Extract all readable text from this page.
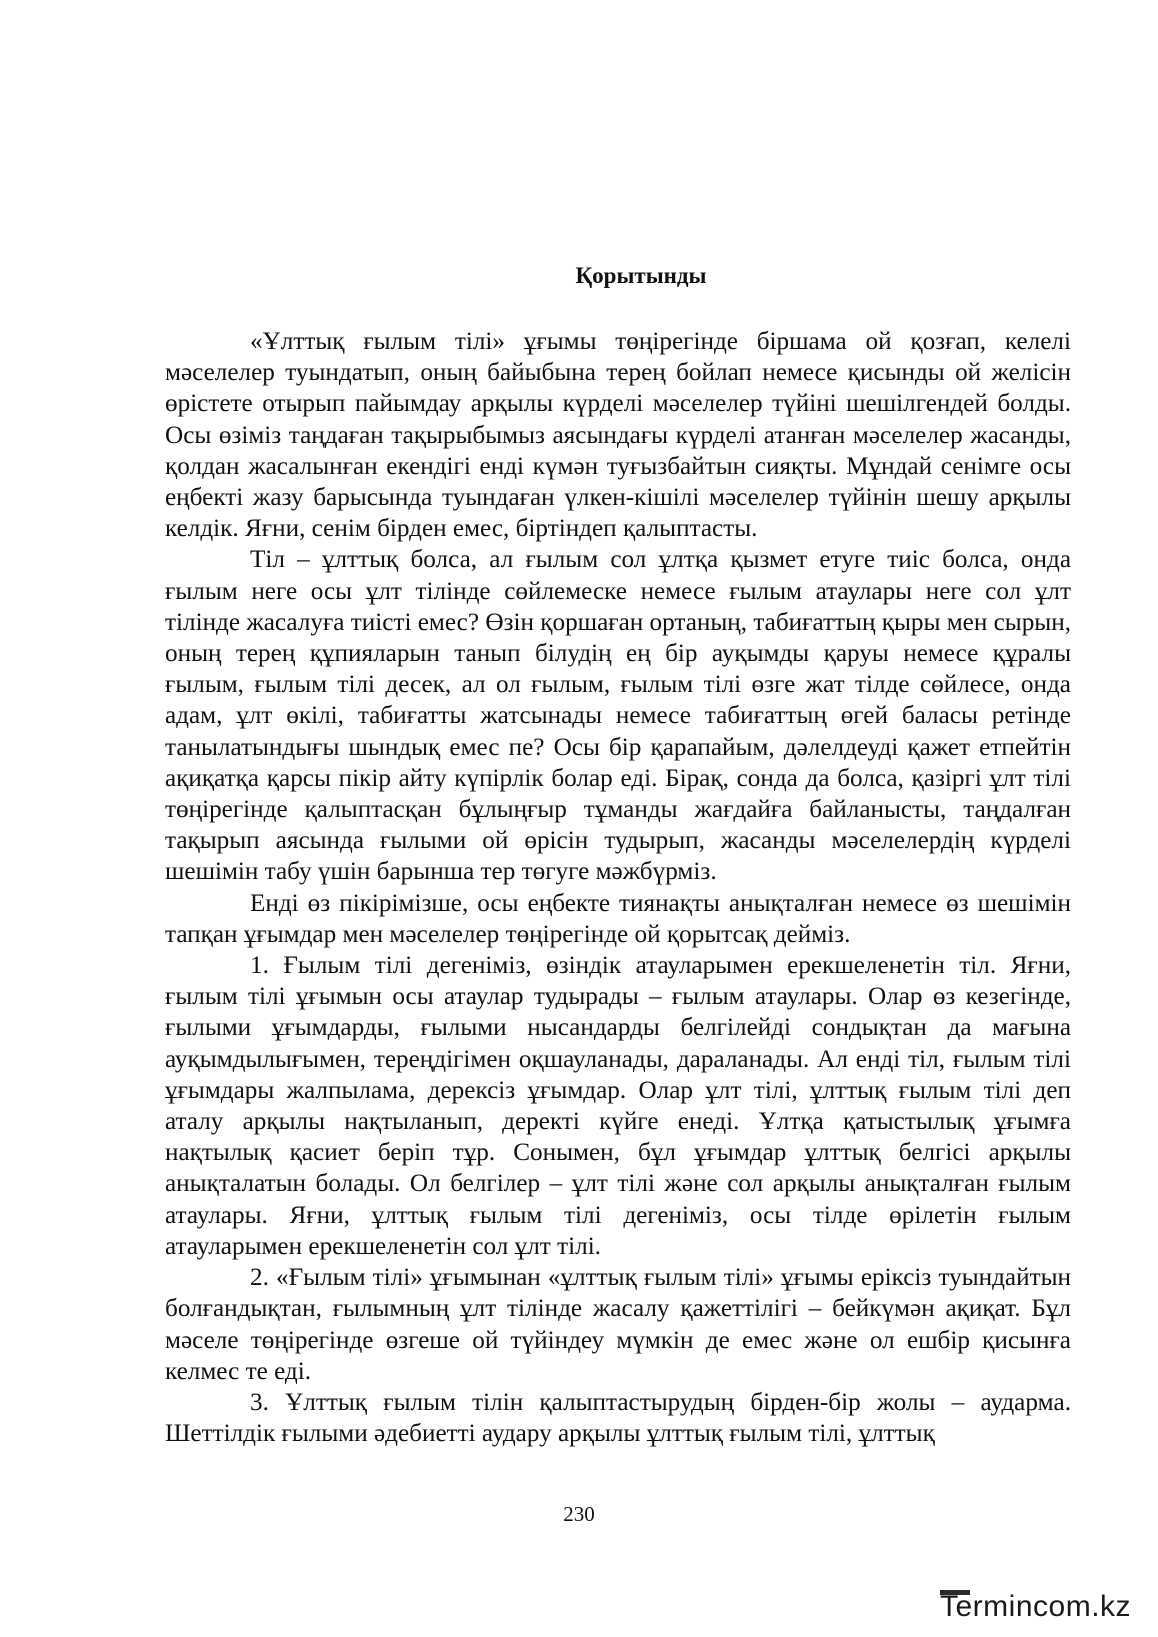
Қорытынды

«Ұлттық ғылым тілі» ұғымы төңірегінде біршама ой қозғап, келелі мәселелер туындатып, оның байыбына терең бойлап немесе қисынды ой желісін өрістете отырып пайымдау арқылы күрделі мәселелер түйіні шешілгендей болды. Осы өзіміз таңдаған тақырыбымыз аясындағы күрделі атанған мәселелер жасанды, қолдан жасалынған екендігі енді күмән туғызбайтын сияқты. Мұндай сенімге осы еңбекті жазу барысында туындаған үлкен-кішілі мәселелер түйінін шешу арқылы келдік. Яғни, сенім бірден емес, біртіндеп қалыптасты.

Тіл – ұлттық болса, ал ғылым сол ұлтқа қызмет етуге тиіс болса, онда ғылым неге осы ұлт тілінде сөйлемеске немесе ғылым атаулары неге сол ұлт тілінде жасалуға тиісті емес? Өзін қоршаған ортаның, табиғаттың қыры мен сырын, оның терең құпияларын танып білудің ең бір ауқымды қаруы немесе құралы ғылым, ғылым тілі десек, ал ол ғылым, ғылым тілі өзге жат тілде сөйлесе, онда адам, ұлт өкілі, табиғатты жатсынады немесе табиғаттың өгей баласы ретінде танылатындығы шындық емес пе? Осы бір қарапайым, дәлелдеуді қажет етпейтін ақиқатқа қарсы пікір айту күпірлік болар еді. Бірақ, сонда да болса, қазіргі ұлт тілі төңірегінде қалыптасқан бұлыңғыр тұманды жағдайға байланысты, таңдалған тақырып аясында ғылыми ой өрісін тудырып, жасанды мәселелердің күрделі шешімін табу үшін барынша тер төгуге мәжбүрміз.

Енді өз пікірімізше, осы еңбекте тиянақты анықталған немесе өз шешімін тапқан ұғымдар мен мәселелер төңірегінде ой қорытсақ дейміз.

1. Ғылым тілі дегеніміз, өзіндік атауларымен ерекшеленетін тіл. Яғни, ғылым тілі ұғымын осы атаулар тудырады – ғылым атаулары. Олар өз кезегінде, ғылыми ұғымдарды, ғылыми нысандарды белгілейді сондықтан да мағына ауқымдылығымен, тереңдігімен оқшауланады, дараланады. Ал енді тіл, ғылым тілі ұғымдары жалпылама, дерексіз ұғымдар. Олар ұлт тілі, ұлттық ғылым тілі деп аталу арқылы нақтыланып, деректі күйге енеді. Ұлтқа қатыстылық ұғымға нақтылық қасиет беріп тұр. Сонымен, бұл ұғымдар ұлттық белгісі арқылы анықталатын болады. Ол белгілер – ұлт тілі және сол арқылы анықталған ғылым атаулары. Яғни, ұлттық ғылым тілі дегеніміз, осы тілде өрілетін ғылым атауларымен ерекшеленетін сол ұлт тілі.

2. «Ғылым тілі» ұғымынан «ұлттық ғылым тілі» ұғымы еріксіз туындайтын болғандықтан, ғылымның ұлт тілінде жасалу қажеттілігі – бейкүмән ақиқат. Бұл мәселе төңірегінде өзгеше ой түйіндеу мүмкін де емес және ол ешбір қисынға келмес те еді.

3. Ұлттық ғылым тілін қалыптастырудың бірден-бір жолы – аудармa. Шеттілдік ғылыми әдебиетті аудару арқылы ұлттық ғылым тілі, ұлттық

230
Termincom.kz
